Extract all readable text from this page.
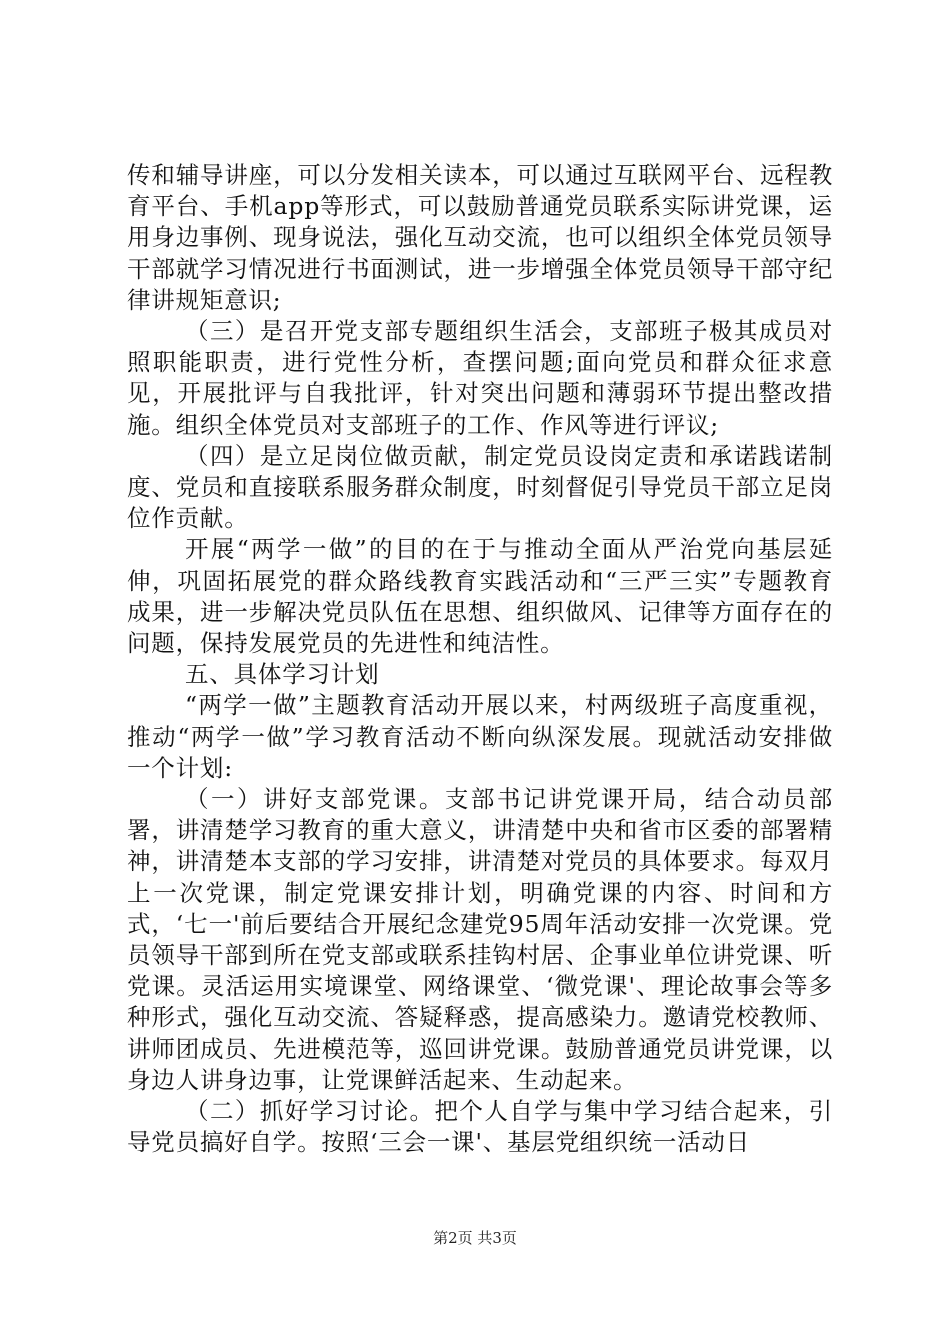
传和辅导讲座，可以分发相关读本，可以通过互联网平台、远程教育平台、手机app等形式，可以鼓励普通党员联系实际讲党课，运用身边事例、现身说法，强化互动交流，也可以组织全体党员领导干部就学习情况进行书面测试，进一步增强全体党员领导干部守纪律讲规矩意识;

（三）是召开党支部专题组织生活会，支部班子极其成员对照职能职责，进行党性分析，查摆问题;面向党员和群众征求意见，开展批评与自我批评，针对突出问题和薄弱环节提出整改措施。组织全体党员对支部班子的工作、作风等进行评议;

（四）是立足岗位做贡献，制定党员设岗定责和承诺践诺制度、党员和直接联系服务群众制度，时刻督促引导党员干部立足岗位作贡献。

开展“两学一做”的目的在于与推动全面从严治党向基层延伸，巩固拓展党的群众路线教育实践活动和“三严三实”专题教育成果，进一步解决党员队伍在思想、组织做风、记律等方面存在的问题，保持发展党员的先进性和纯洁性。

五、具体学习计划

“两学一做”主题教育活动开展以来，村两级班子高度重视，推动“两学一做”学习教育活动不断向纵深发展。现就活动安排做一个计划:

（一）讲好支部党课。支部书记讲党课开局，结合动员部署，讲清楚学习教育的重大意义，讲清楚中央和省市区委的部署精神，讲清楚本支部的学习安排，讲清楚对党员的具体要求。每双月上一次党课，制定党课安排计划，明确党课的内容、时间和方式，‘七一'前后要结合开展纪念建党95周年活动安排一次党课。党员领导干部到所在党支部或联系挂钩村居、企事业单位讲党课、听党课。灵活运用实境课堂、网络课堂、‘微党课'、理论故事会等多种形式，强化互动交流、答疑释惑，提高感染力。邀请党校教师、讲师团成员、先进模范等，巡回讲党课。鼓励普通党员讲党课，以身边人讲身边事，让党课鲜活起来、生动起来。

（二）抓好学习讨论。把个人自学与集中学习结合起来，引导党员搞好自学。按照‘三会一课'、基层党组织统一活动日

第2页 共3页
